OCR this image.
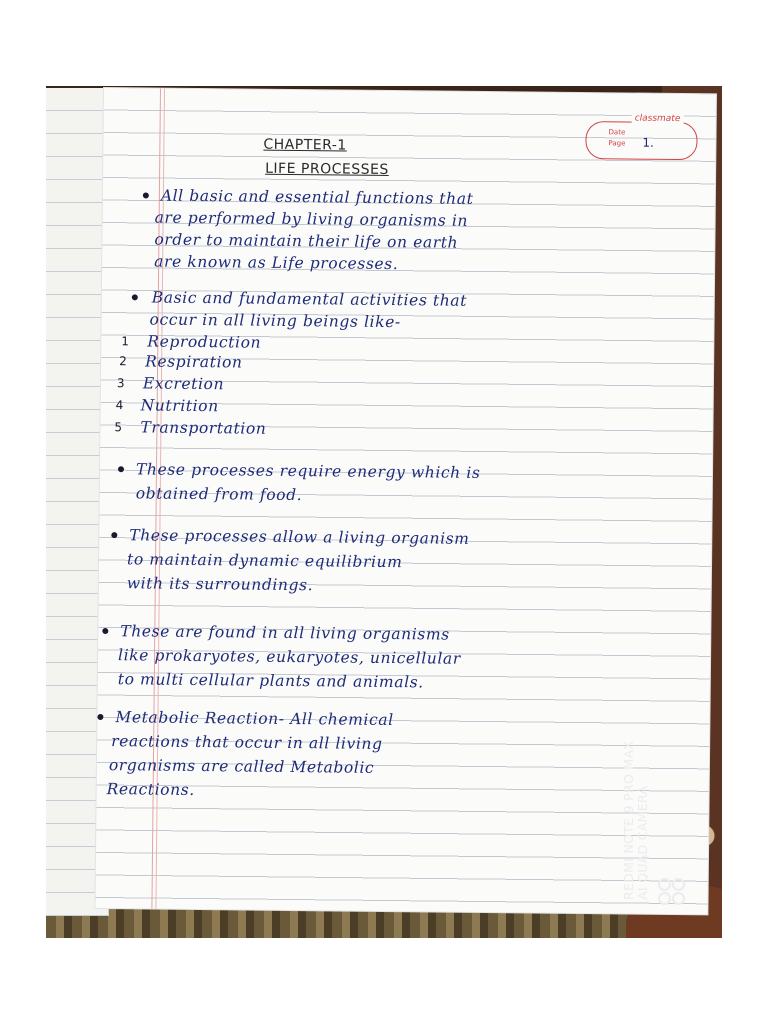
Date
Page 1.
classmate
CHAPTER-1
LIFE PROCESSES
All basic and essential functions that
are performed by living organisms in
order to maintain their life on earth
are known as Life processes.
Basic and fundamental activities that
occur in all living beings like-
1 Reproduction
2 Respiration
3 Excretion
4 Nutrition
5 Transportation
These processes require energy which is
obtained from food.
These processes allow a living organism
to maintain dynamic equilibrium
with its surroundings.
These are found in all living organisms
like prokaryotes, eukaryotes, unicellular
to multi cellular plants and animals.
Metabolic Reaction- All chemical
reactions that occur in all living
organisms are called Metabolic
Reactions.	REDMI NOTE 9 PRO MAX AI QUAD CAMERA
